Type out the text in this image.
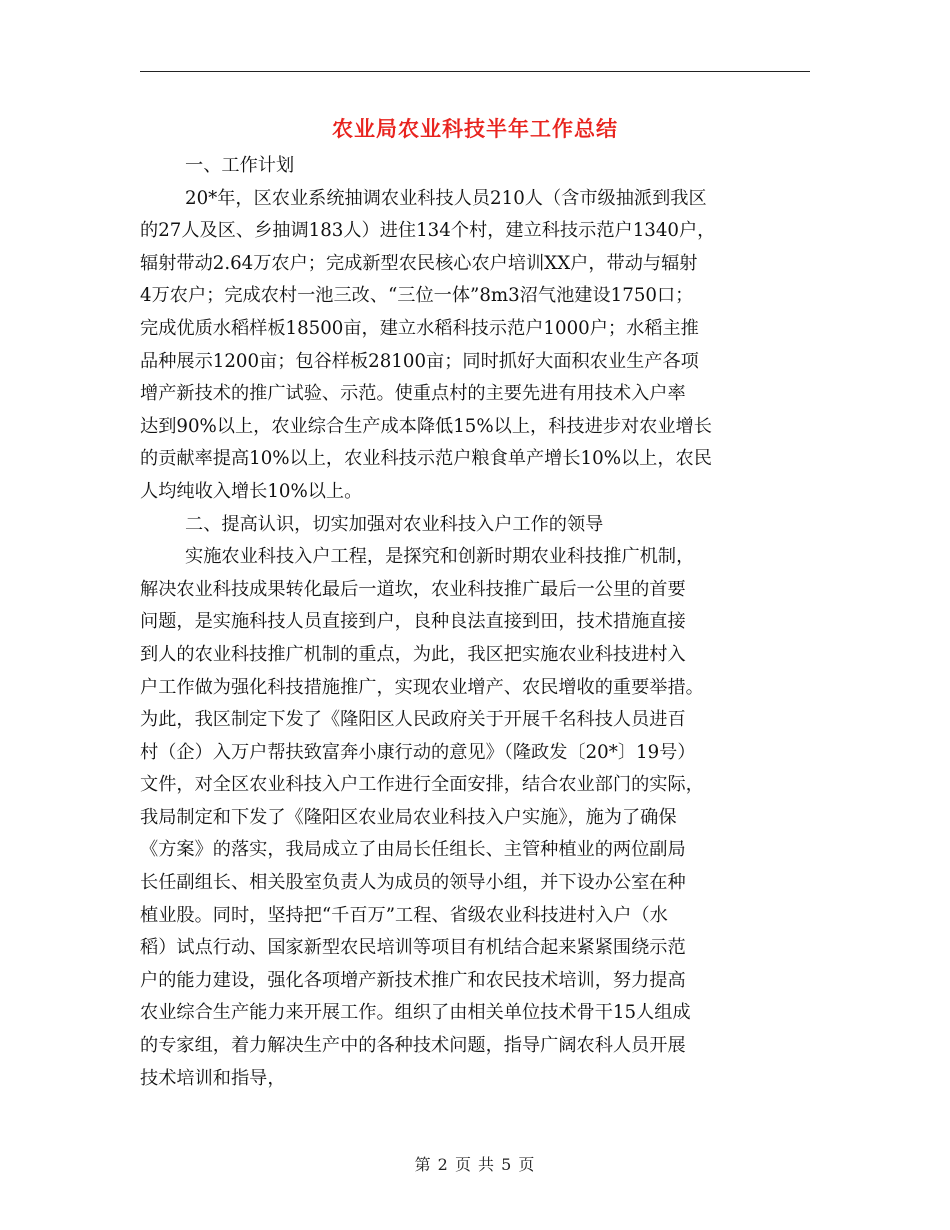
农业局农业科技半年工作总结
一、工作计划
20*年，区农业系统抽调农业科技人员210人（含市级抽派到我区
的27人及区、乡抽调183人）进住134个村，建立科技示范户1340户，
辐射带动2.64万农户；完成新型农民核心农户培训XX户，带动与辐射
4万农户；完成农村一池三改、“三位一体”8m3沼气池建设1750口；
完成优质水稻样板18500亩，建立水稻科技示范户1000户；水稻主推
品种展示1200亩；包谷样板28100亩；同时抓好大面积农业生产各项
增产新技术的推广试验、示范。使重点村的主要先进有用技术入户率
达到90%以上，农业综合生产成本降低15%以上，科技进步对农业增长
的贡献率提高10%以上，农业科技示范户粮食单产增长10%以上，农民
人均纯收入增长10%以上。
二、提高认识，切实加强对农业科技入户工作的领导
实施农业科技入户工程，是探究和创新时期农业科技推广机制，
解决农业科技成果转化最后一道坎，农业科技推广最后一公里的首要
问题，是实施科技人员直接到户，良种良法直接到田，技术措施直接
到人的农业科技推广机制的重点，为此，我区把实施农业科技进村入
户工作做为强化科技措施推广，实现农业增产、农民增收的重要举措。
为此，我区制定下发了《隆阳区人民政府关于开展千名科技人员进百
村（企）入万户帮扶致富奔小康行动的意见》（隆政发〔20*〕19号）
文件，对全区农业科技入户工作进行全面安排，结合农业部门的实际，
我局制定和下发了《隆阳区农业局农业科技入户实施》，施为了确保
《方案》的落实，我局成立了由局长任组长、主管种植业的两位副局
长任副组长、相关股室负责人为成员的领导小组，并下设办公室在种
植业股。同时，坚持把“千百万”工程、省级农业科技进村入户（水
稻）试点行动、国家新型农民培训等项目有机结合起来紧紧围绕示范
户的能力建设，强化各项增产新技术推广和农民技术培训，努力提高
农业综合生产能力来开展工作。组织了由相关单位技术骨干15人组成
的专家组，着力解决生产中的各种技术问题，指导广阔农科人员开展
技术培训和指导，
第 2 页 共 5 页
